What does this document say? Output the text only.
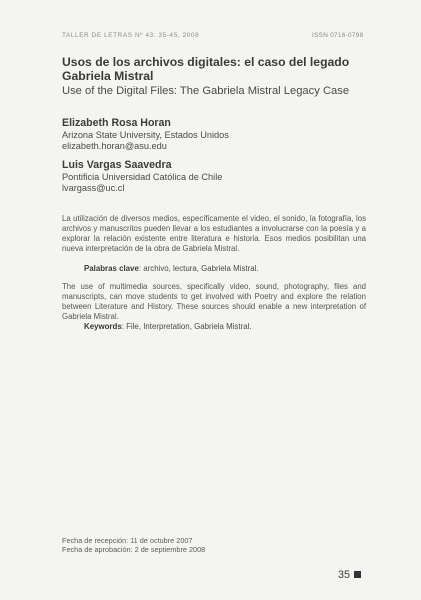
TALLER DE LETRAS Nº 43: 35-45, 2008	ISSN 0716-0798
Usos de los archivos digitales: el caso del legado Gabriela Mistral
Use of the Digital Files: The Gabriela Mistral Legacy Case
Elizabeth Rosa Horan
Arizona State University, Estados Unidos
elizabeth.horan@asu.edu
Luis Vargas Saavedra
Pontificia Universidad Católica de Chile
lvargass@uc.cl
La utilización de diversos medios, específicamente el video, el sonido, la fotografía, los archivos y manuscritos pueden llevar a los estudiantes a involucrarse con la poesía y a explorar la relación existente entre literatura e historia. Esos medios posibilitan una nueva interpretación de la obra de Gabriela Mistral.
Palabras clave: archivo, lectura, Gabriela Mistral.
The use of multimedia sources, specifically video, sound, photography, files and manuscripts, can move students to get involved with Poetry and explore the relation between Literature and History. These sources should enable a new interpretation of Gabriela Mistral.
Keywords: File, Interpretation, Gabriela Mistral.
Fecha de recepción: 11 de octubre 2007
Fecha de aprobación: 2 de septiembre 2008
35
